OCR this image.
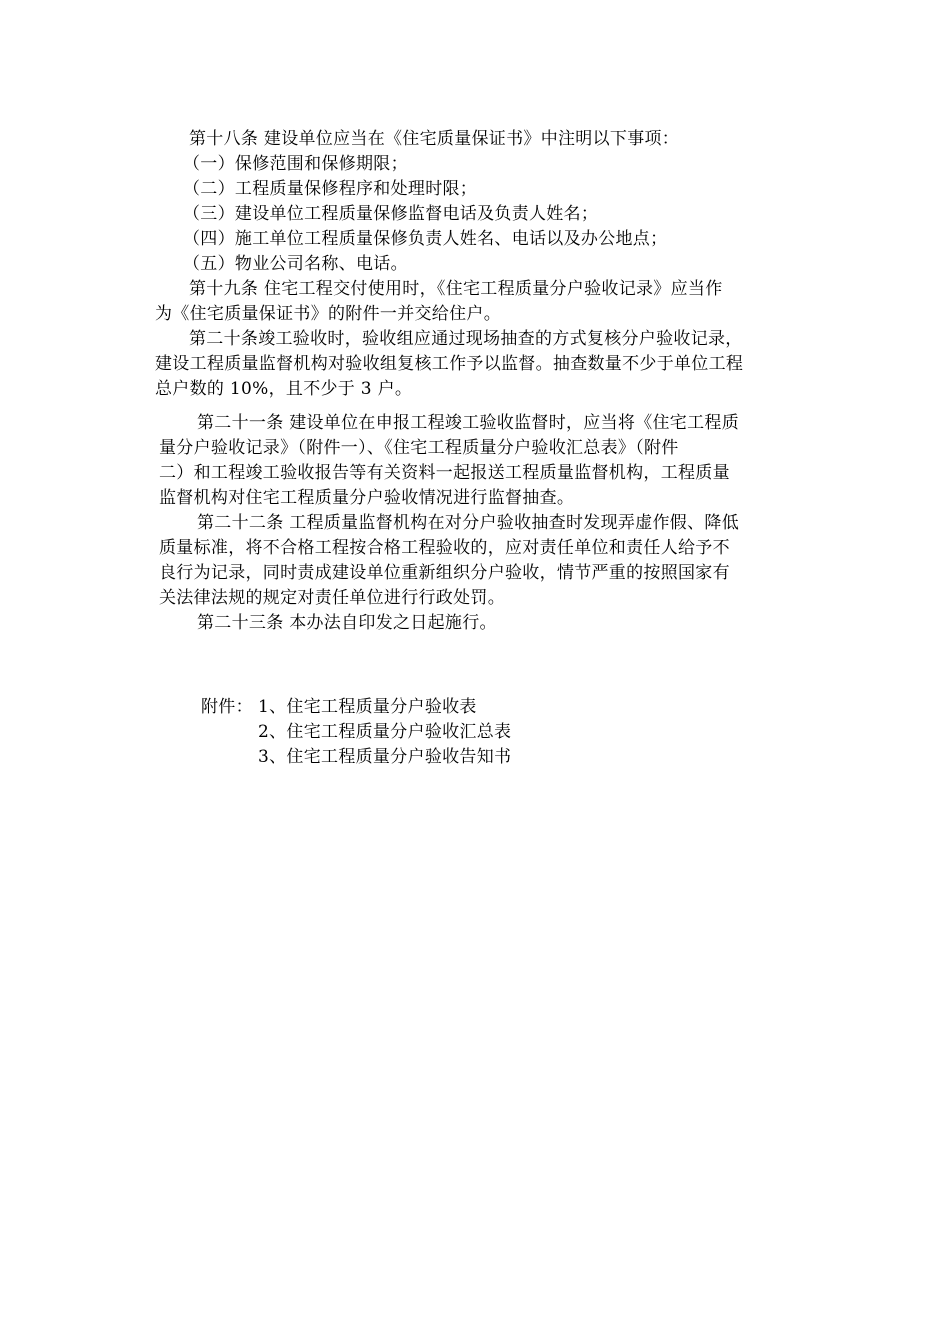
第十八条 建设单位应当在《住宅质量保证书》中注明以下事项：
（一）保修范围和保修期限；
（二）工程质量保修程序和处理时限；
（三）建设单位工程质量保修监督电话及负责人姓名；
（四）施工单位工程质量保修负责人姓名、电话以及办公地点；
（五）物业公司名称、电话。
第十九条 住宅工程交付使用时，《住宅工程质量分户验收记录》应当作
为《住宅质量保证书》的附件一并交给住户。
第二十条竣工验收时，验收组应通过现场抽查的方式复核分户验收记录，
建设工程质量监督机构对验收组复核工作予以监督。抽查数量不少于单位工程
总户数的 10%，且不少于 3 户。
第二十一条 建设单位在申报工程竣工验收监督时，应当将《住宅工程质
量分户验收记录》（附件一）、《住宅工程质量分户验收汇总表》（附件
二）和工程竣工验收报告等有关资料一起报送工程质量监督机构，工程质量
监督机构对住宅工程质量分户验收情况进行监督抽查。
第二十二条 工程质量监督机构在对分户验收抽查时发现弄虚作假、降低
质量标准，将不合格工程按合格工程验收的，应对责任单位和责任人给予不
良行为记录，同时责成建设单位重新组织分户验收，情节严重的按照国家有
关法律法规的规定对责任单位进行行政处罚。
第二十三条 本办法自印发之日起施行。
附件： 1、住宅工程质量分户验收表
2、住宅工程质量分户验收汇总表
3、住宅工程质量分户验收告知书
